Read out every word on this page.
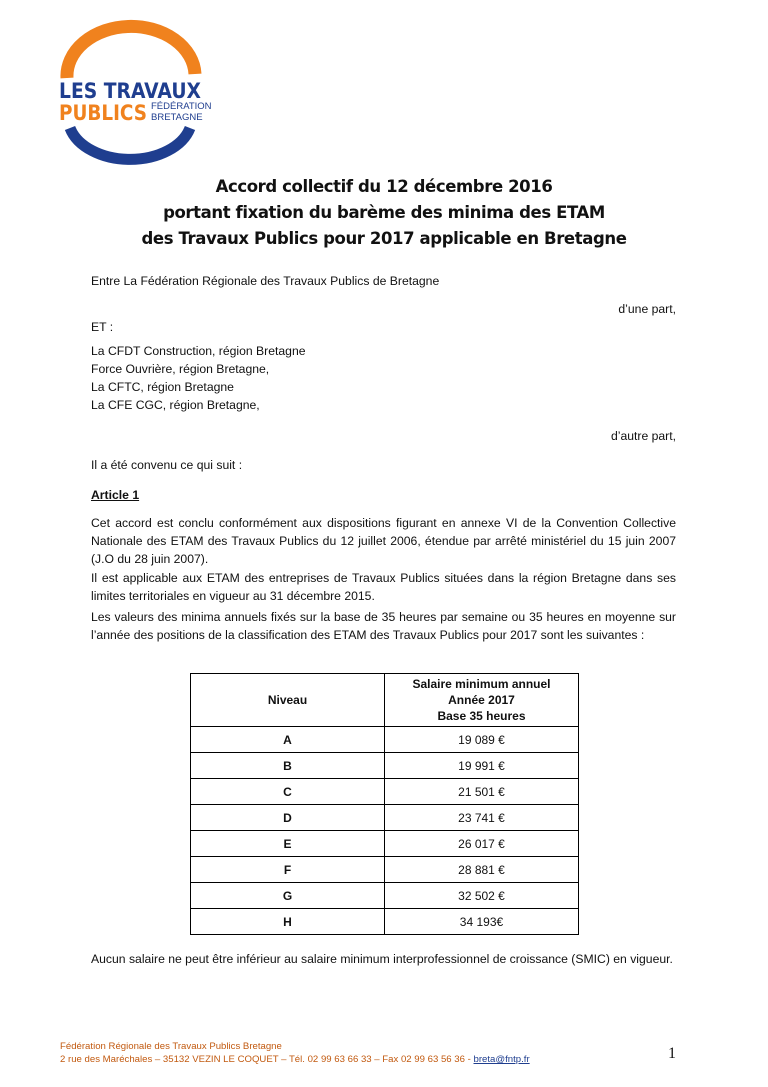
LES TRAVAUX
PUBLICS FÉDÉRATION
BRETAGNE
Accord collectif du 12 décembre 2016
portant fixation du barème des minima des ETAM
des Travaux Publics pour 2017 applicable en Bretagne
Entre La Fédération Régionale des Travaux Publics de Bretagne
d’une part,
ET :
La CFDT Construction, région Bretagne
Force Ouvrière, région Bretagne,
La CFTC, région Bretagne
La CFE CGC, région Bretagne,
d’autre part,
Il a été convenu ce qui suit :
Article 1
Cet accord est conclu conformément aux dispositions figurant en annexe VI de la Convention Collective Nationale des ETAM des Travaux Publics du 12 juillet 2006, étendue par arrêté ministériel du 15 juin 2007 (J.O du 28 juin 2007).
Il est applicable aux ETAM des entreprises de Travaux Publics situées dans la région Bretagne dans ses limites territoriales en vigueur au 31 décembre 2015.
Les valeurs des minima annuels fixés sur la base de 35 heures par semaine ou 35 heures en moyenne sur l’année des positions de la classification des ETAM des Travaux Publics pour 2017 sont les suivantes :
Aucun salaire ne peut être inférieur au salaire minimum interprofessionnel de croissance (SMIC) en vigueur.
Niveau	Salaire minimum annuel
Année 2017
Base 35 heures

A	19 089 €
B	19 991 €
C	21 501 €
D	23 741 €
E	26 017 €
F	28 881 €
G	32 502 €
H	34 193€
Fédération Régionale des Travaux Publics Bretagne
2 rue des Maréchales – 35132 VEZIN LE COQUET – Tél. 02 99 63 66 33 – Fax 02 99 63 56 36 - breta@fntp.fr	1
